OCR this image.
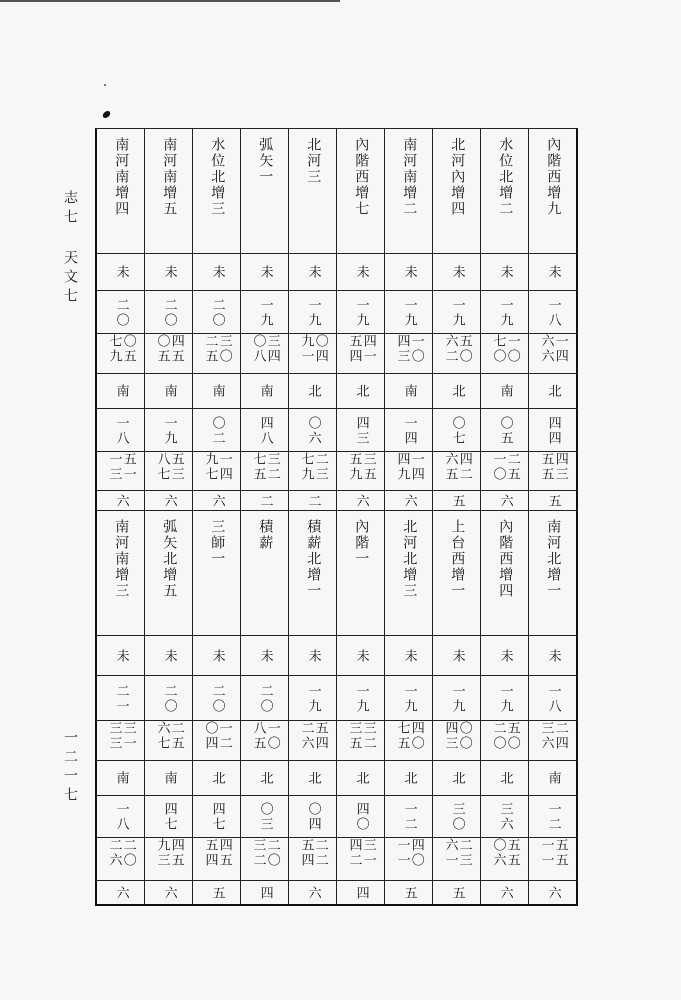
志七
天文七
一二一七
南河南增四 南河南增五 水位北增三 弧矢一 北河三 內階西增七 南河南增二 北河內增四 水位北增二 內階西增九
未	未	未	未	未	未	未	未	未	未
二〇	二〇	二〇	一九	一九	一九	一九	一九	一九	一八
〇五七九	四五〇五	三〇二五	三四〇八	〇四九一	四一五四	一〇四三	五〇六二	一〇七〇	一四六六
南	南	南	南	北	北	南	北	南	北
一八	一九	〇二	四八	〇六	四三	一四	〇七	〇五	四四
五一一三	五三八七	一四九七	三二七五	二三七九	三五五九	一四四九	四二六五	二五一〇	四三五五
六	六	六	二	二	六	六	五	六	五
南河南增三 弧矢北增五 三師一 積薪 積薪北增一 內階一 北河北增三 上台西增一 內階西增四 南河北增一
未	未	未	未	未	未	未	未	未	未
二一	二〇	二〇	二〇	一九	一九	一九	一九	一九	一八
三一三三	二五六七	一二〇四	一〇八五	五四二六	三二三五	四〇七五	〇〇四三	五〇二〇	二四三六
南	南	北	北	北	北	北	北	北	南
一八	四七	四七	〇三	〇四	四〇	一二	三〇	三六	一二
二〇二六	四五九三	四五五四	二〇三二	二二五四	三一四二	四〇一一	二三六一	五五〇六	五五一一
六	六	五	四	六	四	五	五	六	六
